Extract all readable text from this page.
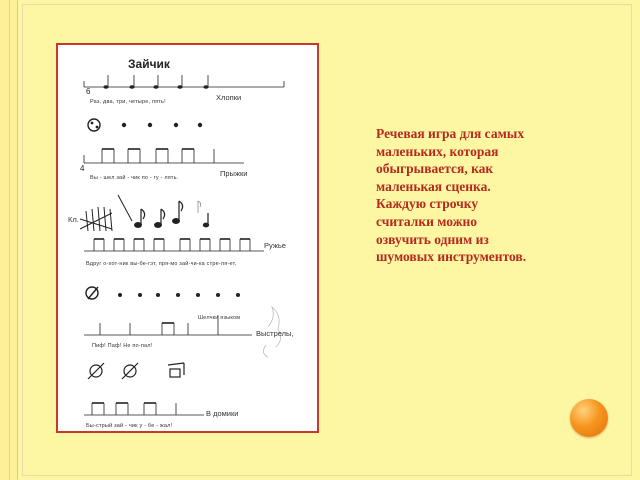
Зайчик
6
4
Раз, два, три, четыре, пять!	Хлопки
Вы - шел зай - чик по - гу - лять.	Прыжки
Кл.
Вдруг о-хот-ник вы-бе-гэт, пря-мо зай-чи-ка стре-ля-ет,
Ружье
Шелчки языком
Пиф! Паф! Не по-пал!
Выстрелы,
Бы-стрый зай - чик у - бе - жал!
В домики
Речевая игра для самых
маленьких, которая
обыгрывается, как
маленькая сценка.
Каждую строчку
считалки можно
озвучить одним из
шумовых инструментов.
